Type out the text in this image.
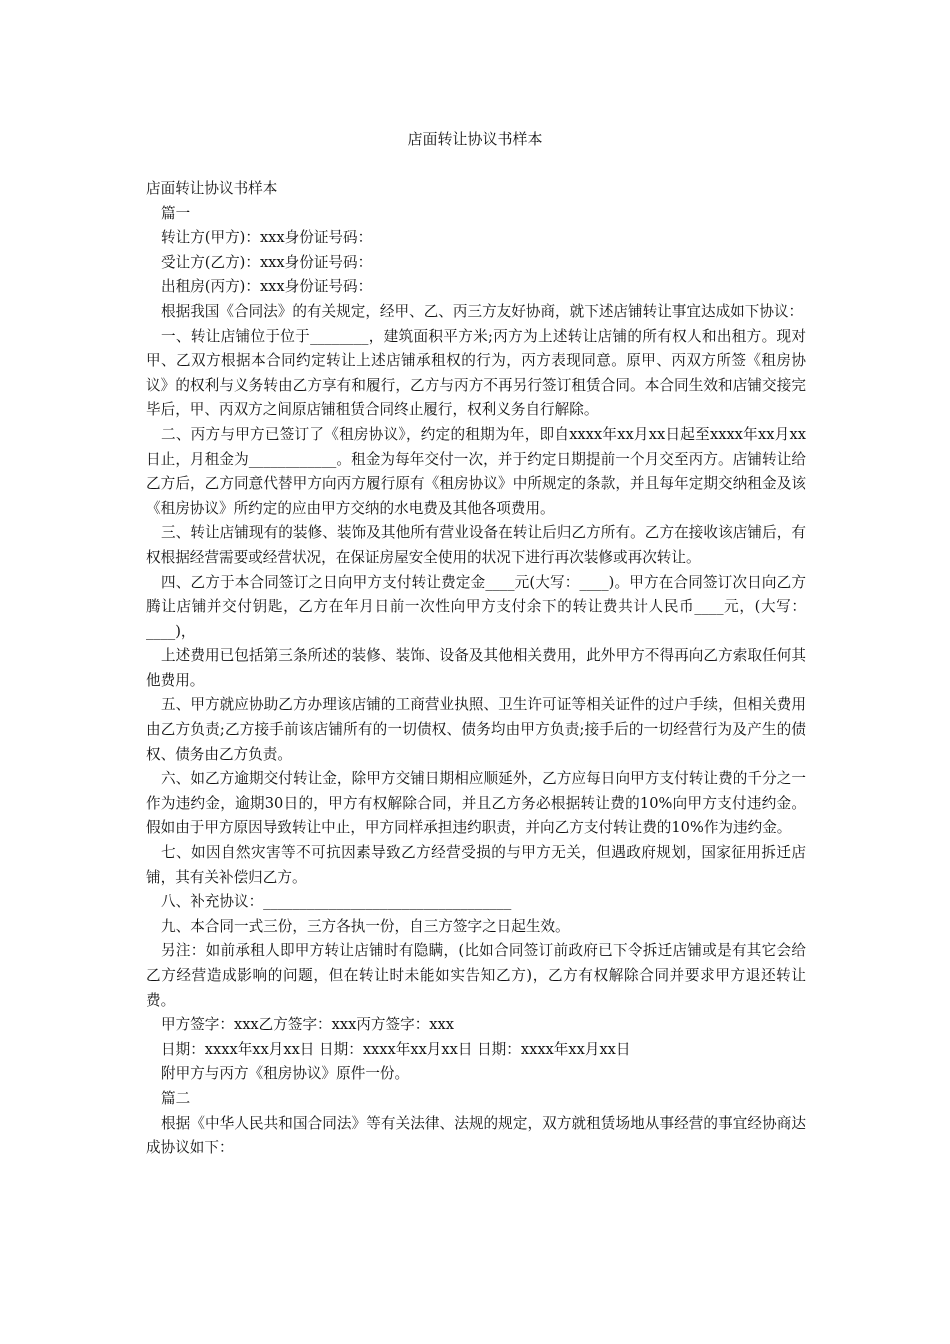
店面转让协议书样本

店面转让协议书样本

篇一

转让方(甲方)：xxx身份证号码：

受让方(乙方)：xxx身份证号码：

出租房(丙方)：xxx身份证号码：

根据我国《合同法》的有关规定，经甲、乙、丙三方友好协商，就下述店铺转让事宜达成如下协议：

一、转让店铺位于位于________，建筑面积平方米;丙方为上述转让店铺的所有权人和出租方。现对甲、乙双方根据本合同约定转让上述店铺承租权的行为，丙方表现同意。原甲、丙双方所签《租房协议》的权利与义务转由乙方享有和履行，乙方与丙方不再另行签订租赁合同。本合同生效和店铺交接完毕后，甲、丙双方之间原店铺租赁合同终止履行，权利义务自行解除。

二、丙方与甲方已签订了《租房协议》，约定的租期为年，即自xxxx年xx月xx日起至xxxx年xx月xx日止，月租金为____________。租金为每年交付一次，并于约定日期提前一个月交至丙方。店铺转让给乙方后，乙方同意代替甲方向丙方履行原有《租房协议》中所规定的条款，并且每年定期交纳租金及该《租房协议》所约定的应由甲方交纳的水电费及其他各项费用。

三、转让店铺现有的装修、装饰及其他所有营业设备在转让后归乙方所有。乙方在接收该店铺后，有权根据经营需要或经营状况，在保证房屋安全使用的状况下进行再次装修或再次转让。

四、乙方于本合同签订之日向甲方支付转让费定金____元(大写：____)。甲方在合同签订次日向乙方腾让店铺并交付钥匙，乙方在年月日前一次性向甲方支付余下的转让费共计人民币____元，(大写：____)，

上述费用已包括第三条所述的装修、装饰、设备及其他相关费用，此外甲方不得再向乙方索取任何其他费用。

五、甲方就应协助乙方办理该店铺的工商营业执照、卫生许可证等相关证件的过户手续，但相关费用由乙方负责;乙方接手前该店铺所有的一切债权、债务均由甲方负责;接手后的一切经营行为及产生的债权、债务由乙方负责。

六、如乙方逾期交付转让金，除甲方交铺日期相应顺延外，乙方应每日向甲方支付转让费的千分之一作为违约金，逾期30日的，甲方有权解除合同，并且乙方务必根据转让费的10%向甲方支付违约金。假如由于甲方原因导致转让中止，甲方同样承担违约职责，并向乙方支付转让费的10%作为违约金。

七、如因自然灾害等不可抗因素导致乙方经营受损的与甲方无关，但遇政府规划，国家征用拆迁店铺，其有关补偿归乙方。

八、补充协议：__________________________________

九、本合同一式三份，三方各执一份，自三方签字之日起生效。

另注：如前承租人即甲方转让店铺时有隐瞒，(比如合同签订前政府已下令拆迁店铺或是有其它会给乙方经营造成影响的问题，但在转让时未能如实告知乙方)，乙方有权解除合同并要求甲方退还转让费。

甲方签字：xxx乙方签字：xxx丙方签字：xxx

日期：xxxx年xx月xx日 日期：xxxx年xx月xx日 日期：xxxx年xx月xx日

附甲方与丙方《租房协议》原件一份。

篇二

根据《中华人民共和国合同法》等有关法律、法规的规定，双方就租赁场地从事经营的事宜经协商达成协议如下：
